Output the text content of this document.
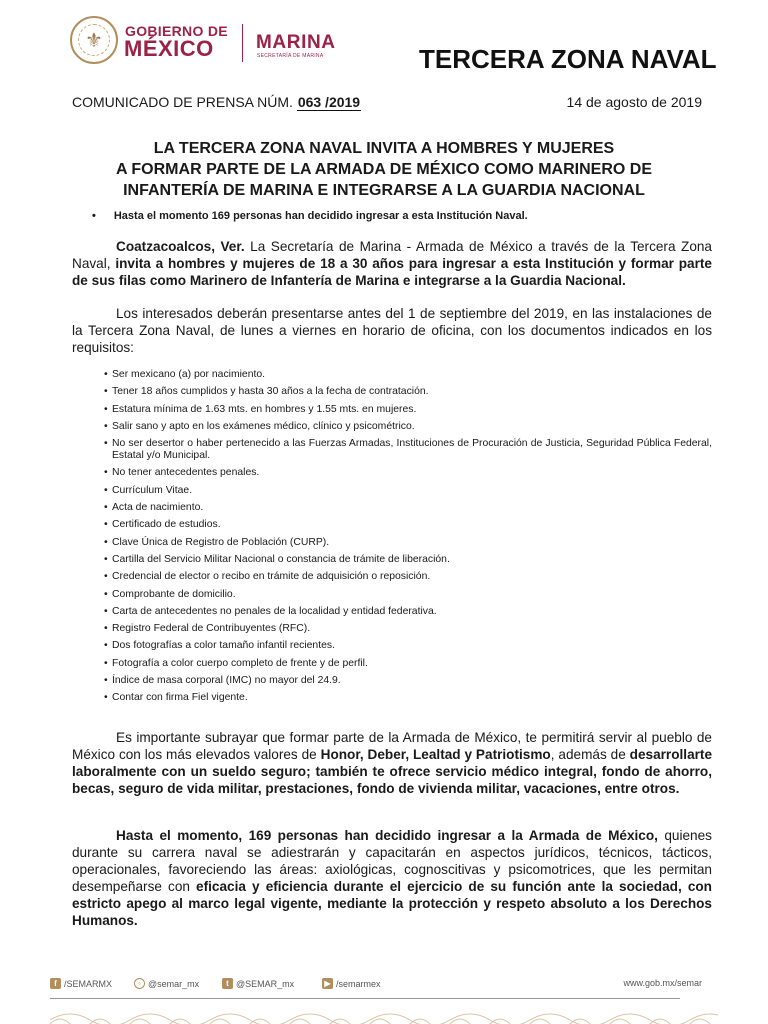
⚜	GOBIERNO DE
MÉXICO MARINA
SECRETARÍA DE MARINA	TERCERA ZONA NAVAL
COMUNICADO DE PRENSA NÚM. 063 /2019	14 de agosto de 2019
LA TERCERA ZONA NAVAL INVITA A HOMBRES Y MUJERES
A FORMAR PARTE DE LA ARMADA DE MÉXICO COMO MARINERO DE
INFANTERÍA DE MARINA E INTEGRARSE A LA GUARDIA NACIONAL
• Hasta el momento 169 personas han decidido ingresar a esta Institución Naval.
Coatzacoalcos, Ver. La Secretaría de Marina - Armada de México a través de la Tercera Zona Naval, invita a hombres y mujeres de 18 a 30 años para ingresar a esta Institución y formar parte de sus filas como Marinero de Infantería de Marina e integrarse a la Guardia Nacional.
Los interesados deberán presentarse antes del 1 de septiembre del 2019, en las instalaciones de la Tercera Zona Naval, de lunes a viernes en horario de oficina, con los documentos indicados en los requisitos:
• Ser mexicano (a) por nacimiento.
• Tener 18 años cumplidos y hasta 30 años a la fecha de contratación.
• Estatura mínima de 1.63 mts. en hombres y 1.55 mts. en mujeres.
• Salir sano y apto en los exámenes médico, clínico y psicométrico.
• No ser desertor o haber pertenecido a las Fuerzas Armadas, Instituciones de Procuración de Justicia, Seguridad Pública Federal, Estatal y/o Municipal.
• No tener antecedentes penales.
• Currículum Vitae.
• Acta de nacimiento.
• Certificado de estudios.
• Clave Única de Registro de Población (CURP).
• Cartilla del Servicio Militar Nacional o constancia de trámite de liberación.
• Credencial de elector o recibo en trámite de adquisición o reposición.
• Comprobante de domicilio.
• Carta de antecedentes no penales de la localidad y entidad federativa.
• Registro Federal de Contribuyentes (RFC).
• Dos fotografías a color tamaño infantil recientes.
• Fotografía a color cuerpo completo de frente y de perfil.
• Índice de masa corporal (IMC) no mayor del 24.9.
• Contar con firma Fiel vigente.
Es importante subrayar que formar parte de la Armada de México, te permitirá servir al pueblo de México con los más elevados valores de Honor, Deber, Lealtad y Patriotismo, además de desarrollarte laboralmente con un sueldo seguro; también te ofrece servicio médico integral, fondo de ahorro, becas, seguro de vida militar, prestaciones, fondo de vivienda militar, vacaciones, entre otros.
Hasta el momento, 169 personas han decidido ingresar a la Armada de México, quienes durante su carrera naval se adiestrarán y capacitarán en aspectos jurídicos, técnicos, tácticos, operacionales, favoreciendo las áreas: axiológicas, cognoscitivas y psicomotrices, que les permitan desempeñarse con eficacia y eficiencia durante el ejercicio de su función ante la sociedad, con estricto apego al marco legal vigente, mediante la protección y respeto absoluto a los Derechos Humanos.
f /SEMARMX	◦ @semar_mx	t @SEMAR_mx	▶ /semarmex	www.gob.mx/semar
